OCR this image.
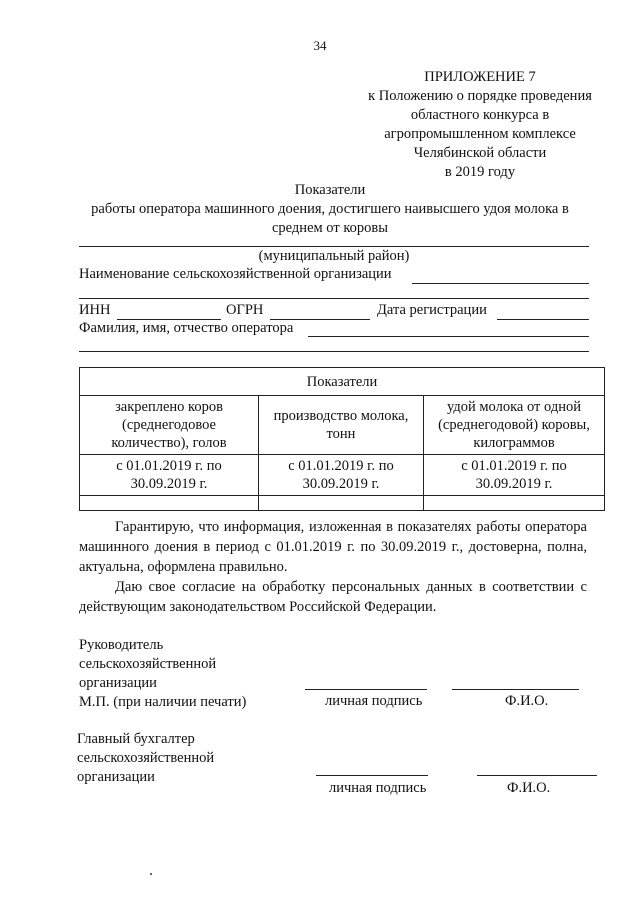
34
ПРИЛОЖЕНИЕ 7
к Положению о порядке проведения
областного конкурса в
агропромышленном комплексе
Челябинской области
в 2019 году
Показатели
работы оператора машинного доения, достигшего наивысшего удоя молока в
среднем от коровы
(муниципальный район)
Наименование сельскохозяйственной организации
ИНН	ОГРН	Дата регистрации
Фамилия, имя, отчество оператора
Показатели		
закреплено коров (среднегодовое количество), голов	производство молока, тонн	удой молока от одной (среднегодовой) коровы, килограммов
с 01.01.2019 г. по 30.09.2019 г.	с 01.01.2019 г. по 30.09.2019 г.	с 01.01.2019 г. по 30.09.2019 г.

Гарантирую, что информация, изложенная в показателях работы оператора машинного доения в период с 01.01.2019 г. по 30.09.2019 г., достоверна, полна, актуальна, оформлена правильно.

Даю свое согласие на обработку персональных данных в соответствии с действующим законодательством Российской Федерации.

Руководитель
сельскохозяйственной
организации
М.П. (при наличии печати)	личная подпись	Ф.И.О.
Главный бухгалтер
сельскохозяйственной
организации
личная подпись	Ф.И.О.
